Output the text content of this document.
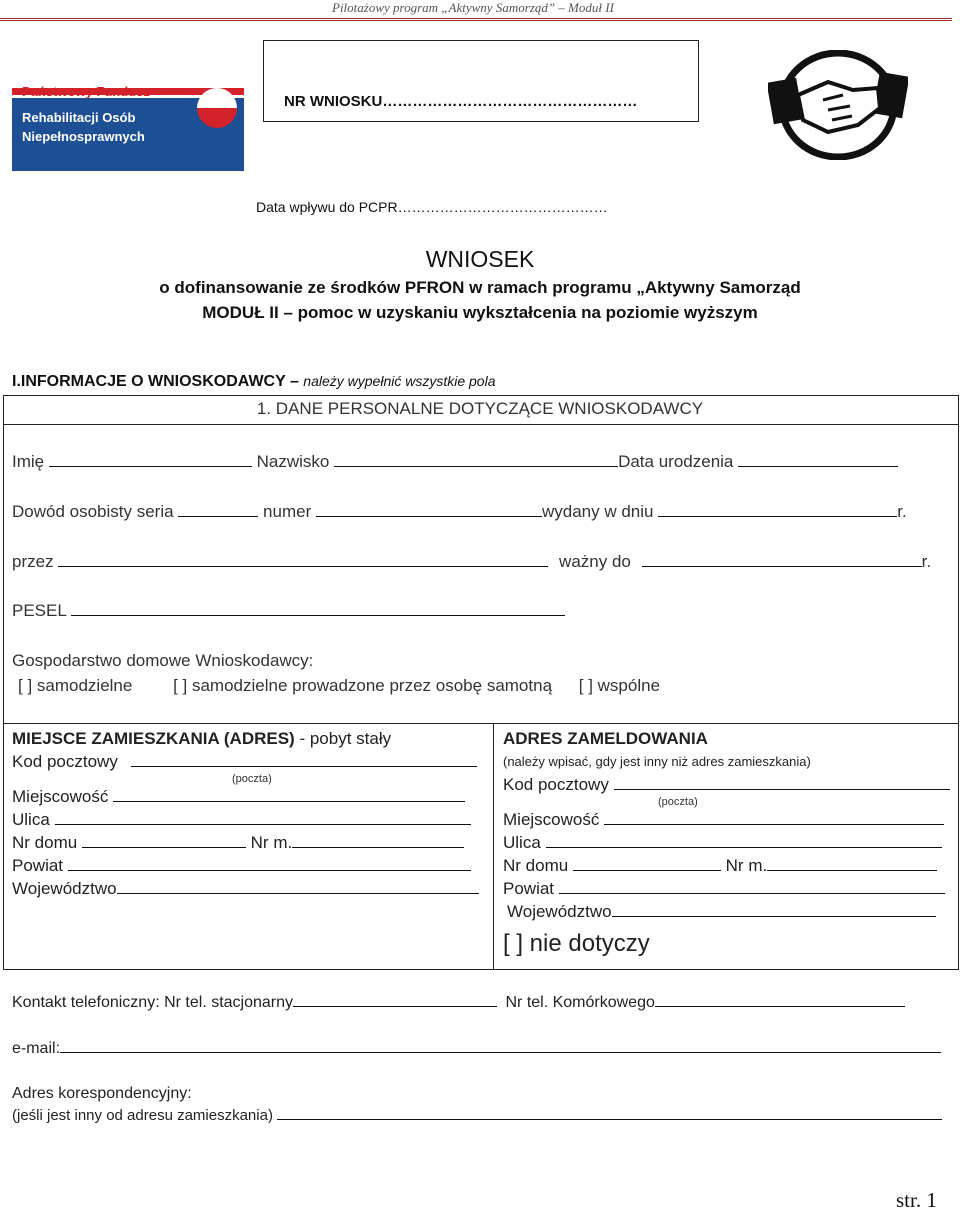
Pilotażowy program „Aktywny Samorząd” – Moduł II
Państwowy Fundusz
Rehabilitacji Osób
Niepełnosprawnych
NR WNIOSKU……………………………………………
Data wpływu do PCPR………………………………………
WNIOSEK
o dofinansowanie ze środków PFRON w ramach programu „Aktywny Samorząd
MODUŁ II – pomoc w uzyskaniu wykształcenia na poziomie wyższym
I.INFORMACJE O WNIOSKODAWCY – należy wypełnić wszystkie pola
1. DANE PERSONALNE DOTYCZĄCE WNIOSKODAWCY
Imię	Nazwisko	Data urodzenia
Dowód osobisty seria	numer	wydany w dniu	r.
przez	ważny do	r.
PESEL
Gospodarstwo domowe Wnioskodawcy:
[ ] samodzielne [ ] samodzielne prowadzone przez osobę samotną [ ] wspólne
MIEJSCE ZAMIESZKANIA (ADRES) - pobyt stały
Kod pocztowy
(poczta)
Miejscowość
Ulica
Nr domu	Nr m.
Powiat
Województwo
ADRES ZAMELDOWANIA
(należy wpisać, gdy jest inny niż adres zamieszkania)
Kod pocztowy
(poczta)
Miejscowość
Ulica
Nr domu	Nr m.
Powiat
Województwo
[ ] nie dotyczy
Kontakt telefoniczny: Nr tel. stacjonarny	Nr tel. Komórkowego
e-mail:
Adres korespondencyjny:
(jeśli jest inny od adresu zamieszkania)
str. 1
